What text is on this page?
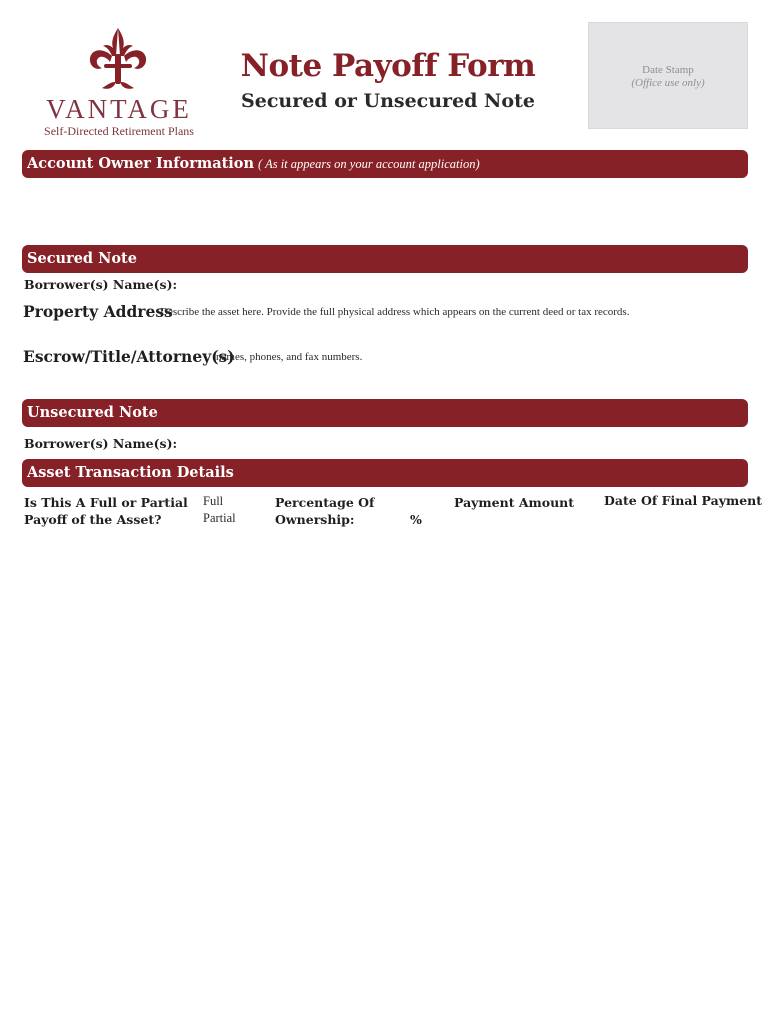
VANTAGE
Self-Directed Retirement Plans
Note Payoff Form
Secured or Unsecured Note
Date Stamp
(Office use only)
Account Owner Information ( As it appears on your account application)
Secured Note
Borrower(s) Name(s):
Property Address
Describe the asset here. Provide the full physical address which appears on the current deed or tax records.
Escrow/Title/Attorney(s)
names, phones, and fax numbers.
Unsecured Note
Borrower(s) Name(s):
Asset Transaction Details
Is This A Full or Partial
Payoff of the Asset?
Full
Partial
Percentage Of
Ownership:	%
Payment Amount Date Of Final Payment
